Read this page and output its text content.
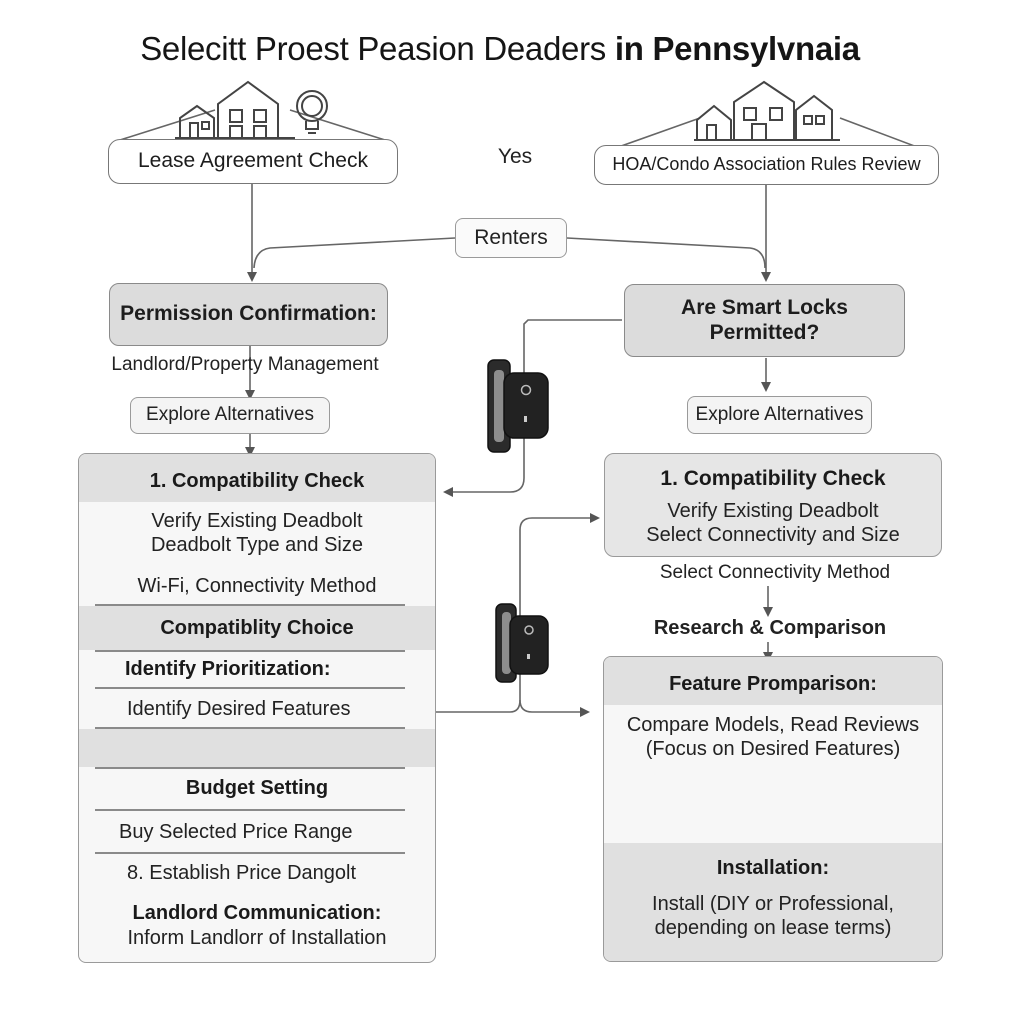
Selecitt Proest Peasion Deaders in Pennsylvnaia
Lease Agreement Check	Yes	HOA/Condo Association Rules Review
Renters
Permission Confirmation:
Landlord/Property Management
Explore Alternatives
1. Compatibility Check
Verify Existing Deadbolt
Deadbolt Type and Size
Wi‑Fi, Connectivity Method
Compatiblity Choice
Identify Prioritization:
Identify Desired Features
Budget Setting
Buy Selected Price Range
8. Establish Price Dangolt
Landlord Communication:
Inform Landlorr of Installation
Are Smart Locks
Permitted?
Explore Alternatives
1. Compatibility Check
Verify Existing Deadbolt
Select Connectivity and Size
Select Connectivity Method
Research & Comparison
Feature Promparison:
Compare Models, Read Reviews
(Focus on Desired Features)
Installation:
Install (DIY or Professional,
depending on lease terms)
